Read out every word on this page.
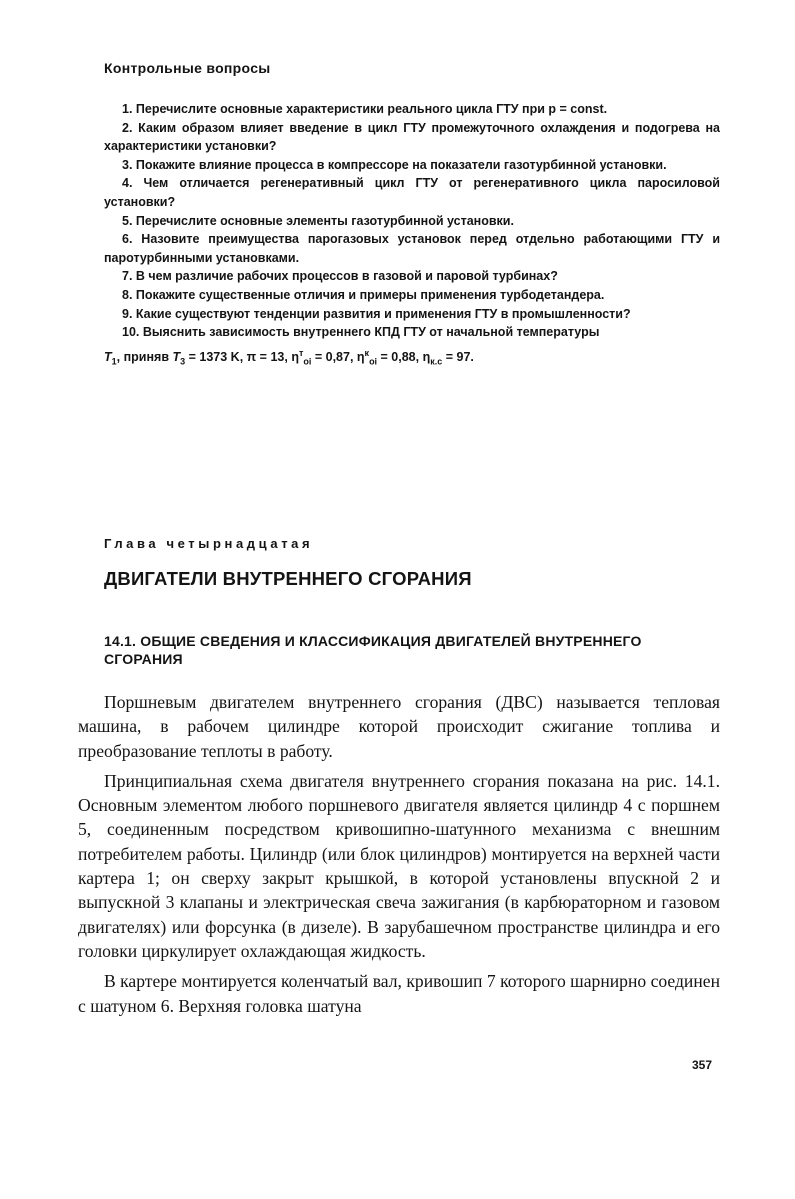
Контрольные вопросы

1. Перечислите основные характеристики реального цикла ГТУ при p = const.

2. Каким образом влияет введение в цикл ГТУ промежуточного охлаждения и подогрева на характеристики установки?

3. Покажите влияние процесса в компрессоре на показатели газотурбинной установки.

4. Чем отличается регенеративный цикл ГТУ от регенеративного цикла паросиловой установки?

5. Перечислите основные элементы газотурбинной установки.

6. Назовите преимущества парогазовых установок перед отдельно работающими ГТУ и паротурбинными установками.

7. В чем различие рабочих процессов в газовой и паровой турбинах?

8. Покажите существенные отличия и примеры применения турбодетандера.

9. Какие существуют тенденции развития и применения ГТУ в промышленности?

10. Выяснить зависимость внутреннего КПД ГТУ от начальной температуры

$T_1$, приняв $T_3 = 1373$ K, π = 13, $\eta^т_{oi} = 0,87$, $\eta^к_{oi} = 0,88$, $\eta_{к.с} = 97$.
Глава четырнадцатая
ДВИГАТЕЛИ ВНУТРЕННЕГО СГОРАНИЯ
14.1. ОБЩИЕ СВЕДЕНИЯ И КЛАССИФИКАЦИЯ ДВИГАТЕЛЕЙ ВНУТРЕННЕГО СГОРАНИЯ

Поршневым двигателем внутреннего сгорания (ДВС) называется тепловая машина, в рабочем цилиндре которой происходит сжигание топлива и преобразование теплоты в работу.

Принципиальная схема двигателя внутреннего сгорания показана на рис. 14.1. Основным элементом любого поршневого двигателя является цилиндр 4 с поршнем 5, соединенным посредством кривошипно-шатунного механизма с внешним потребителем работы. Цилиндр (или блок цилиндров) монтируется на верхней части картера 1; он сверху закрыт крышкой, в которой установлены впускной 2 и выпускной 3 клапаны и электрическая свеча зажигания (в карбюраторном и газовом двигателях) или форсунка (в дизеле). В зарубашечном пространстве цилиндра и его головки циркулирует охлаждающая жидкость.

В картере монтируется коленчатый вал, кривошип 7 которого шарнирно соединен с шатуном 6. Верхняя головка шатуна

357
